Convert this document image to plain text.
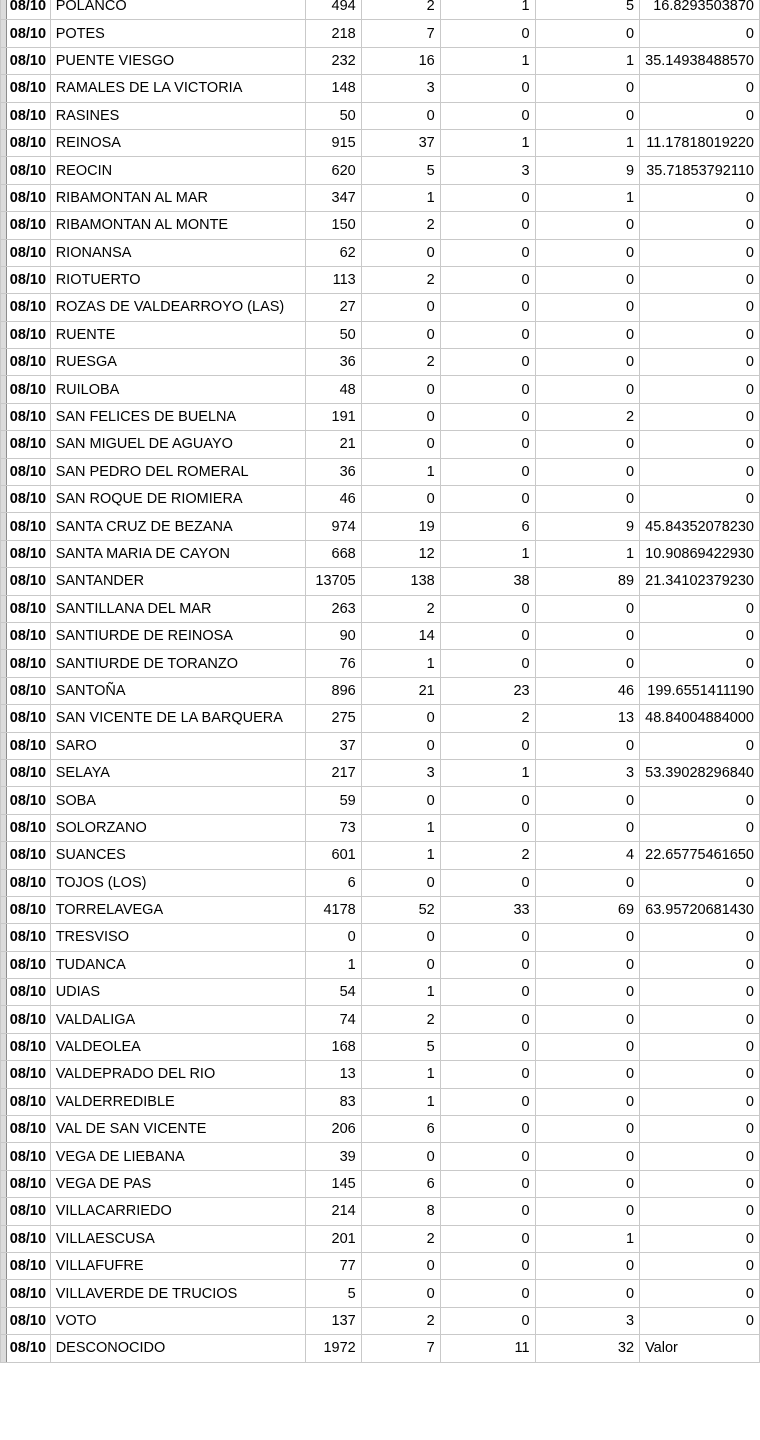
	08/10	POLANCO	494	2	1	5	16.8293503870
	08/10	POTES	218	7	0	0	0
	08/10	PUENTE VIESGO	232	16	1	1	35.14938488570
	08/10	RAMALES DE LA VICTORIA	148	3	0	0	0
	08/10	RASINES	50	0	0	0	0
	08/10	REINOSA	915	37	1	1	11.17818019220
	08/10	REOCIN	620	5	3	9	35.71853792110
	08/10	RIBAMONTAN AL MAR	347	1	0	1	0
	08/10	RIBAMONTAN AL MONTE	150	2	0	0	0
	08/10	RIONANSA	62	0	0	0	0
	08/10	RIOTUERTO	113	2	0	0	0
	08/10	ROZAS DE VALDEARROYO (LAS)	27	0	0	0	0
	08/10	RUENTE	50	0	0	0	0
	08/10	RUESGA	36	2	0	0	0
	08/10	RUILOBA	48	0	0	0	0
	08/10	SAN FELICES DE BUELNA	191	0	0	2	0
	08/10	SAN MIGUEL DE AGUAYO	21	0	0	0	0
	08/10	SAN PEDRO DEL ROMERAL	36	1	0	0	0
	08/10	SAN ROQUE DE RIOMIERA	46	0	0	0	0
	08/10	SANTA CRUZ DE BEZANA	974	19	6	9	45.84352078230
	08/10	SANTA MARIA DE CAYON	668	12	1	1	10.90869422930
	08/10	SANTANDER	13705	138	38	89	21.34102379230
	08/10	SANTILLANA DEL MAR	263	2	0	0	0
	08/10	SANTIURDE DE REINOSA	90	14	0	0	0
	08/10	SANTIURDE DE TORANZO	76	1	0	0	0
	08/10	SANTOÑA	896	21	23	46	199.6551411190
	08/10	SAN VICENTE DE LA BARQUERA	275	0	2	13	48.84004884000
	08/10	SARO	37	0	0	0	0
	08/10	SELAYA	217	3	1	3	53.39028296840
	08/10	SOBA	59	0	0	0	0
	08/10	SOLORZANO	73	1	0	0	0
	08/10	SUANCES	601	1	2	4	22.65775461650
	08/10	TOJOS (LOS)	6	0	0	0	0
	08/10	TORRELAVEGA	4178	52	33	69	63.95720681430
	08/10	TRESVISO	0	0	0	0	0
	08/10	TUDANCA	1	0	0	0	0
	08/10	UDIAS	54	1	0	0	0
	08/10	VALDALIGA	74	2	0	0	0
	08/10	VALDEOLEA	168	5	0	0	0
	08/10	VALDEPRADO DEL RIO	13	1	0	0	0
	08/10	VALDERREDIBLE	83	1	0	0	0
	08/10	VAL DE SAN VICENTE	206	6	0	0	0
	08/10	VEGA DE LIEBANA	39	0	0	0	0
	08/10	VEGA DE PAS	145	6	0	0	0
	08/10	VILLACARRIEDO	214	8	0	0	0
	08/10	VILLAESCUSA	201	2	0	1	0
	08/10	VILLAFUFRE	77	0	0	0	0
	08/10	VILLAVERDE DE TRUCIOS	5	0	0	0	0
	08/10	VOTO	137	2	0	3	0
	08/10	DESCONOCIDO	1972	7	11	32	Valor
